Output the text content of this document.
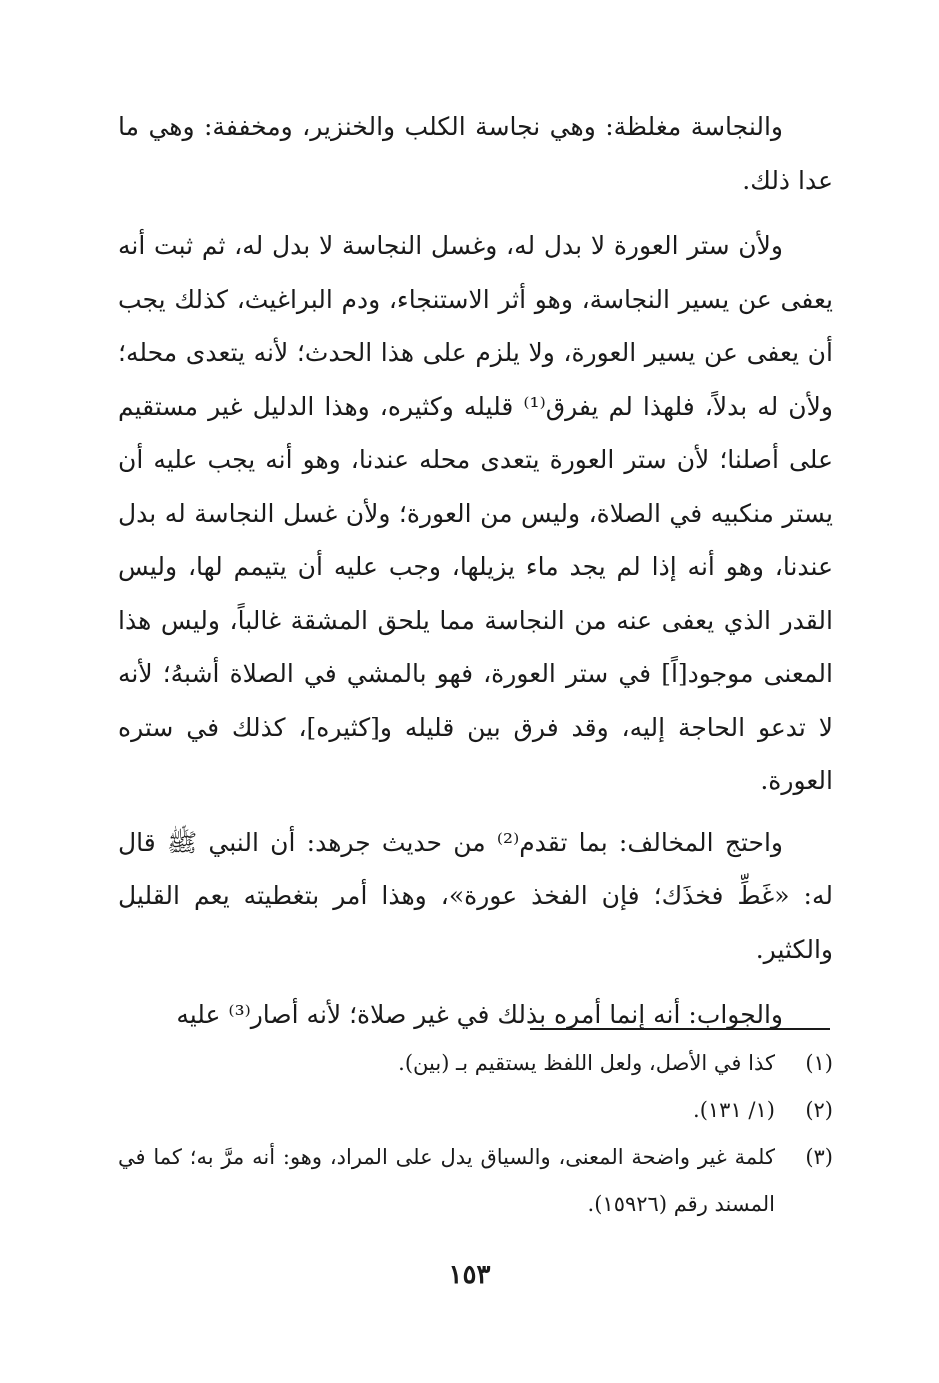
والنجاسة مغلظة: وهي نجاسة الكلب والخنزير، ومخففة: وهي ما عدا ذلك.

ولأن ستر العورة لا بدل له، وغسل النجاسة لا بدل له، ثم ثبت أنه يعفى عن يسير النجاسة، وهو أثر الاستنجاء، ودم البراغيث، كذلك يجب أن يعفى عن يسير العورة، ولا يلزم على هذا الحدث؛ لأنه يتعدى محله؛ ولأن له بدلاً، فلهذا لم يفرق⁽¹⁾ قليله وكثيره، وهذا الدليل غير مستقيم على أصلنا؛ لأن ستر العورة يتعدى محله عندنا، وهو أنه يجب عليه أن يستر منكبيه في الصلاة، وليس من العورة؛ ولأن غسل النجاسة له بدل عندنا، وهو أنه إذا لم يجد ماء يزيلها، وجب عليه أن يتيمم لها، وليس القدر الذي يعفى عنه من النجاسة مما يلحق المشقة غالباً، وليس هذا المعنى موجود[اً] في ستر العورة، فهو بالمشي في الصلاة أشبهُ؛ لأنه لا تدعو الحاجة إليه، وقد فرق بين قليله و[كثيره]، كذلك في ستره العورة.

واحتج المخالف: بما تقدم⁽²⁾ من حديث جرهد: أن النبي ﷺ قال له: «غَطِّ فخذَك؛ فإن الفخذ عورة»، وهذا أمر بتغطيته يعم القليل والكثير.

والجواب: أنه إنما أمره بذلك في غير صلاة؛ لأنه أصار⁽³⁾ عليه

(١)
كذا في الأصل، ولعل اللفظ يستقيم بـ (بين).
(٢)
(١/ ١٣١).
(٣)
كلمة غير واضحة المعنى، والسياق يدل على المراد، وهو: أنه مرَّ به؛ كما في المسند رقم (١٥٩٢٦).
١٥٣
